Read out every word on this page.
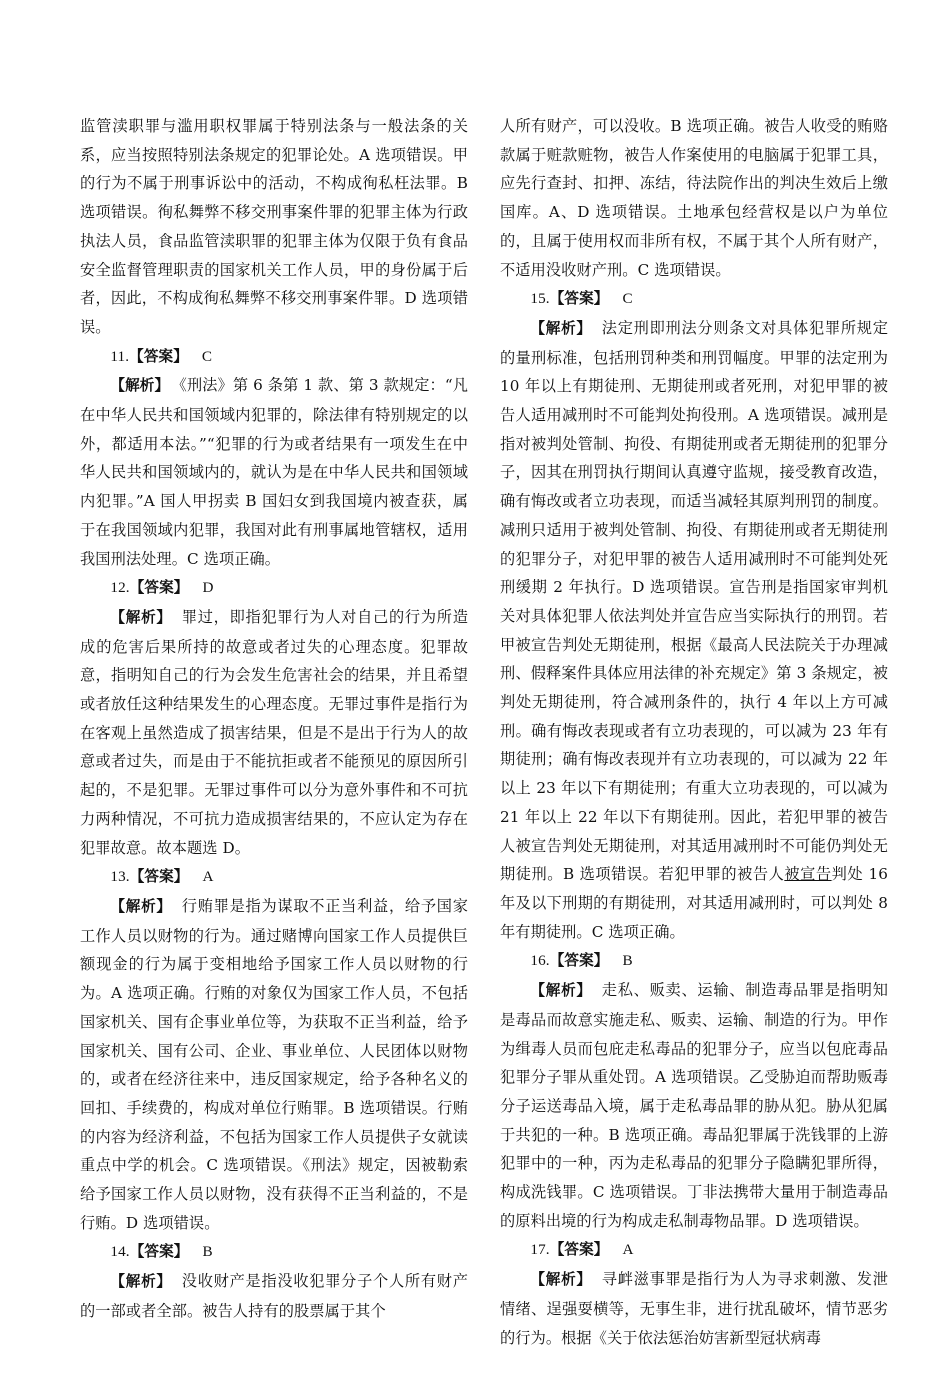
监管渎职罪与滥用职权罪属于特别法条与一般法条的关系，应当按照特别法条规定的犯罪论处。A 选项错误。甲的行为不属于刑事诉讼中的活动，不构成徇私枉法罪。B 选项错误。徇私舞弊不移交刑事案件罪的犯罪主体为行政执法人员，食品监管渎职罪的犯罪主体为仅限于负有食品安全监督管理职责的国家机关工作人员，甲的身份属于后者，因此，不构成徇私舞弊不移交刑事案件罪。D 选项错误。

11.【答案】 C

【解析】 《刑法》第 6 条第 1 款、第 3 款规定：“凡在中华人民共和国领域内犯罪的，除法律有特别规定的以外，都适用本法。”“犯罪的行为或者结果有一项发生在中华人民共和国领域内的，就认为是在中华人民共和国领域内犯罪。”A 国人甲拐卖 B 国妇女到我国境内被查获，属于在我国领域内犯罪，我国对此有刑事属地管辖权，适用我国刑法处理。C 选项正确。

12.【答案】 D

【解析】 罪过，即指犯罪行为人对自己的行为所造成的危害后果所持的故意或者过失的心理态度。犯罪故意，指明知自己的行为会发生危害社会的结果，并且希望或者放任这种结果发生的心理态度。无罪过事件是指行为在客观上虽然造成了损害结果，但是不是出于行为人的故意或者过失，而是由于不能抗拒或者不能预见的原因所引起的，不是犯罪。无罪过事件可以分为意外事件和不可抗力两种情况，不可抗力造成损害结果的，不应认定为存在犯罪故意。故本题选 D。

13.【答案】 A

【解析】 行贿罪是指为谋取不正当利益，给予国家工作人员以财物的行为。通过赌博向国家工作人员提供巨额现金的行为属于变相地给予国家工作人员以财物的行为。A 选项正确。行贿的对象仅为国家工作人员，不包括国家机关、国有企事业单位等，为获取不正当利益，给予国家机关、国有公司、企业、事业单位、人民团体以财物的，或者在经济往来中，违反国家规定，给予各种名义的回扣、手续费的，构成对单位行贿罪。B 选项错误。行贿的内容为经济利益，不包括为国家工作人员提供子女就读重点中学的机会。C 选项错误。《刑法》规定，因被勒索给予国家工作人员以财物，没有获得不正当利益的，不是行贿。D 选项错误。

14.【答案】 B

【解析】 没收财产是指没收犯罪分子个人所有财产的一部或者全部。被告人持有的股票属于其个

人所有财产，可以没收。B 选项正确。被告人收受的贿赂款属于赃款赃物，被告人作案使用的电脑属于犯罪工具，应先行查封、扣押、冻结，待法院作出的判决生效后上缴国库。A、D 选项错误。土地承包经营权是以户为单位的，且属于使用权而非所有权，不属于其个人所有财产，不适用没收财产刑。C 选项错误。

15.【答案】 C

【解析】 法定刑即刑法分则条文对具体犯罪所规定的量刑标准，包括刑罚种类和刑罚幅度。甲罪的法定刑为 10 年以上有期徒刑、无期徒刑或者死刑，对犯甲罪的被告人适用减刑时不可能判处拘役刑。A 选项错误。减刑是指对被判处管制、拘役、有期徒刑或者无期徒刑的犯罪分子，因其在刑罚执行期间认真遵守监规，接受教育改造，确有悔改或者立功表现，而适当减轻其原判刑罚的制度。减刑只适用于被判处管制、拘役、有期徒刑或者无期徒刑的犯罪分子，对犯甲罪的被告人适用减刑时不可能判处死刑缓期 2 年执行。D 选项错误。宣告刑是指国家审判机关对具体犯罪人依法判处并宣告应当实际执行的刑罚。若甲被宣告判处无期徒刑，根据《最高人民法院关于办理减刑、假释案件具体应用法律的补充规定》第 3 条规定，被判处无期徒刑，符合减刑条件的，执行 4 年以上方可减刑。确有悔改表现或者有立功表现的，可以减为 23 年有期徒刑；确有悔改表现并有立功表现的，可以减为 22 年以上 23 年以下有期徒刑；有重大立功表现的，可以减为 21 年以上 22 年以下有期徒刑。因此，若犯甲罪的被告人被宣告判处无期徒刑，对其适用减刑时不可能仍判处无期徒刑。B 选项错误。若犯甲罪的被告人被宣告判处 16 年及以下刑期的有期徒刑，对其适用减刑时，可以判处 8 年有期徒刑。C 选项正确。

16.【答案】 B

【解析】 走私、贩卖、运输、制造毒品罪是指明知是毒品而故意实施走私、贩卖、运输、制造的行为。甲作为缉毒人员而包庇走私毒品的犯罪分子，应当以包庇毒品犯罪分子罪从重处罚。A 选项错误。乙受胁迫而帮助贩毒分子运送毒品入境，属于走私毒品罪的胁从犯。胁从犯属于共犯的一种。B 选项正确。毒品犯罪属于洗钱罪的上游犯罪中的一种，丙为走私毒品的犯罪分子隐瞒犯罪所得，构成洗钱罪。C 选项错误。丁非法携带大量用于制造毒品的原料出境的行为构成走私制毒物品罪。D 选项错误。

17.【答案】 A

【解析】 寻衅滋事罪是指行为人为寻求刺激、发泄情绪、逞强耍横等，无事生非，进行扰乱破坏，情节恶劣的行为。根据《关于依法惩治妨害新型冠状病毒
